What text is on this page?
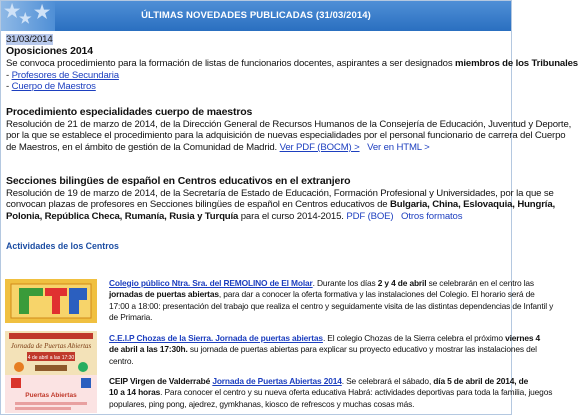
★
★ ★	ÚLTIMAS NOVEDADES PUBLICADAS (31/03/2014)
31/03/2014
Oposiciones 2014
Se convoca procedimiento para la formación de listas de funcionarios docentes, aspirantes a ser designados miembros de los Tribunales
- Profesores de Secundaria
- Cuerpo de Maestros
Procedimiento especialidades cuerpo de maestros
Resolución de 21 de marzo de 2014, de la Dirección General de Recursos Humanos de la Consejería de Educación, Juventud y Deporte,
por la que se establece el procedimiento para la adquisición de nuevas especialidades por el personal funcionario de carrera del Cuerpo
de Maestros, en el ámbito de gestión de la Comunidad de Madrid. Ver PDF (BOCM) > Ver en HTML >
Secciones bilingües de español en Centros educativos en el extranjero
Resolución de 19 de marzo de 2014, de la Secretaría de Estado de Educación, Formación Profesional y Universidades, por la que se
convocan plazas de profesores en Secciones bilingües de español en Centros educativos de Bulgaria, China, Eslovaquia, Hungría,
Polonia, República Checa, Rumanía, Rusia y Turquía para el curso 2014-2015. PDF (BOE) Otros formatos
Actividades de los Centros
Colegio público Ntra. Sra. del REMOLINO de El Molar. Durante los días 2 y 4 de abril se celebrarán en el centro las
jornadas de puertas abiertas, para dar a conocer la oferta formativa y las instalaciones del Colegio. El horario será de
17:00 a 18:00: presentación del trabajo que realiza el centro y seguidamente visita de las distintas dependencias de Infantil y
de Primaria.
Jornada de Puertas Abiertas
4 de abril a las 17:30
C.E.I.P Chozas de la Sierra. Jornada de puertas abiertas. El colegio Chozas de la Sierra celebra el próximo viernes 4
de abril a las 17:30h. su jornada de puertas abiertas para explicar su proyecto educativo y mostrar las instalaciones del
centro.
Puertas Abiertas
CEIP Virgen de Valderrabé Jornada de Puertas Abiertas 2014. Se celebrará el sábado, día 5 de abril de 2014, de
10 a 14 horas. Para conocer el centro y su nueva oferta educativa Habrá: actividades deportivas para toda la familia, juegos
populares, ping pong, ajedrez, gymkhanas, kiosco de refrescos y muchas cosas más.
